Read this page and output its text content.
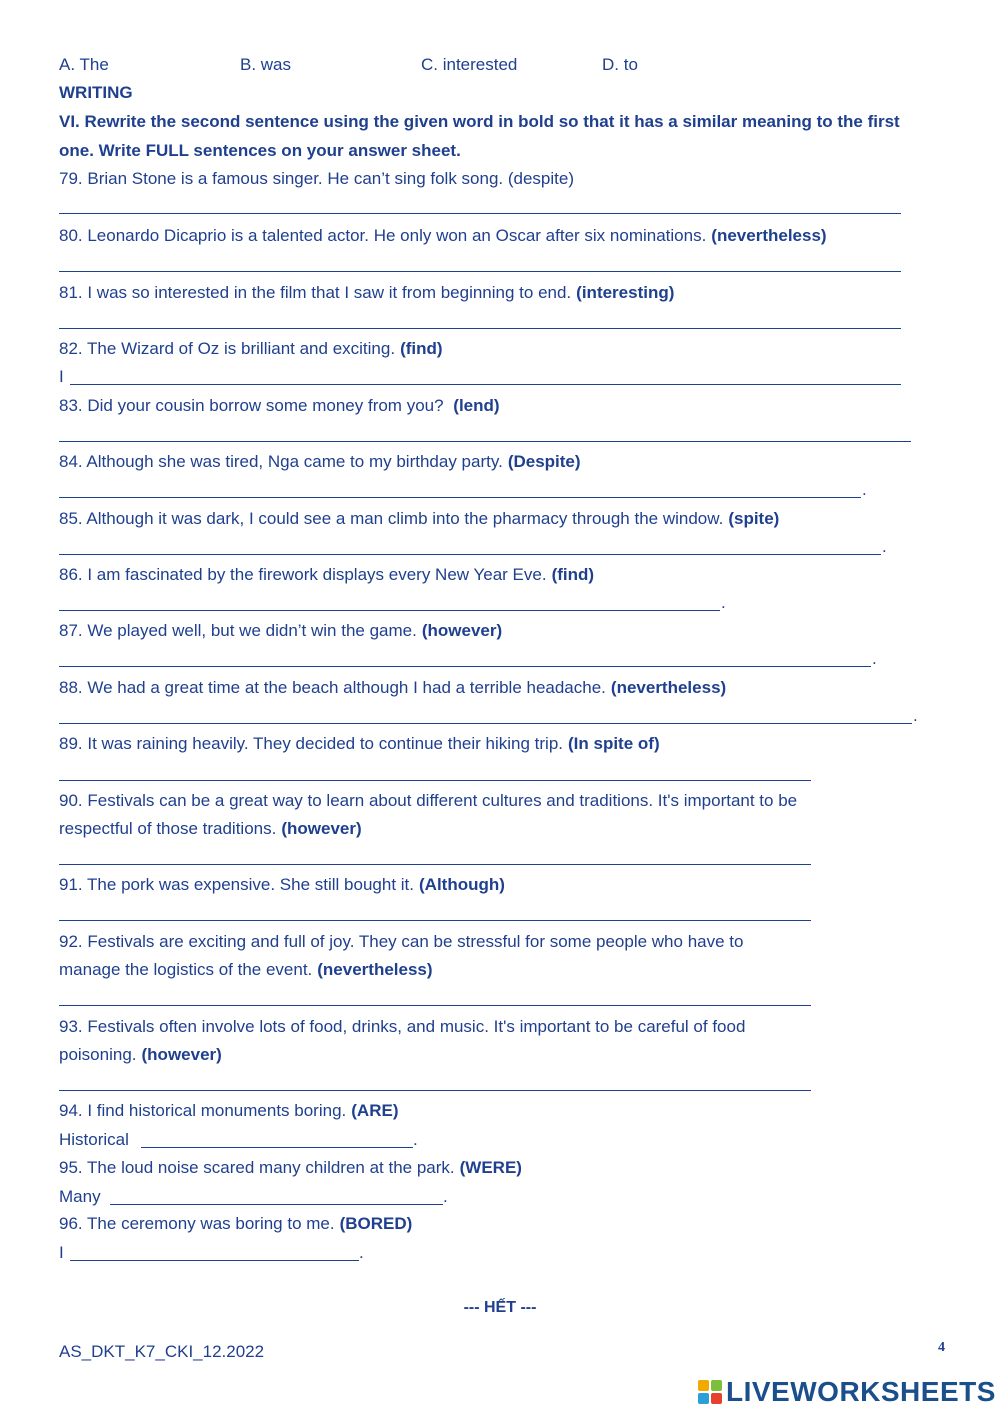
A. The	B. was	C. interested	D. to
WRITING
VI. Rewrite the second sentence using the given word in bold so that it has a similar meaning to the first
one. Write FULL sentences on your answer sheet.
79. Brian Stone is a famous singer. He can’t sing folk song. (despite)
80. Leonardo Dicaprio is a talented actor. He only won an Oscar after six nominations. (nevertheless)
81. I was so interested in the film that I saw it from beginning to end. (interesting)
82. The Wizard of Oz is brilliant and exciting. (find)
I
83. Did your cousin borrow some money from you? (lend)
84. Although she was tired, Nga came to my birthday party. (Despite)
.
85. Although it was dark, I could see a man climb into the pharmacy through the window. (spite)
.
86. I am fascinated by the firework displays every New Year Eve. (find)
.
87. We played well, but we didn’t win the game. (however)
.
88. We had a great time at the beach although I had a terrible headache. (nevertheless)
.
89. It was raining heavily. They decided to continue their hiking trip. (In spite of)
90. Festivals can be a great way to learn about different cultures and traditions. It's important to be
respectful of those traditions. (however)
91. The pork was expensive. She still bought it. (Although)
92. Festivals are exciting and full of joy. They can be stressful for some people who have to
manage the logistics of the event. (nevertheless)
93. Festivals often involve lots of food, drinks, and music. It's important to be careful of food
poisoning. (however)
94. I find historical monuments boring. (ARE)
Historical	.
95. The loud noise scared many children at the park. (WERE)
Many	.
96. The ceremony was boring to me. (BORED)
I	.
--- HẾT ---
AS_DKT_K7_CKI_12.2022	4
LIVEWORKSHEETS
